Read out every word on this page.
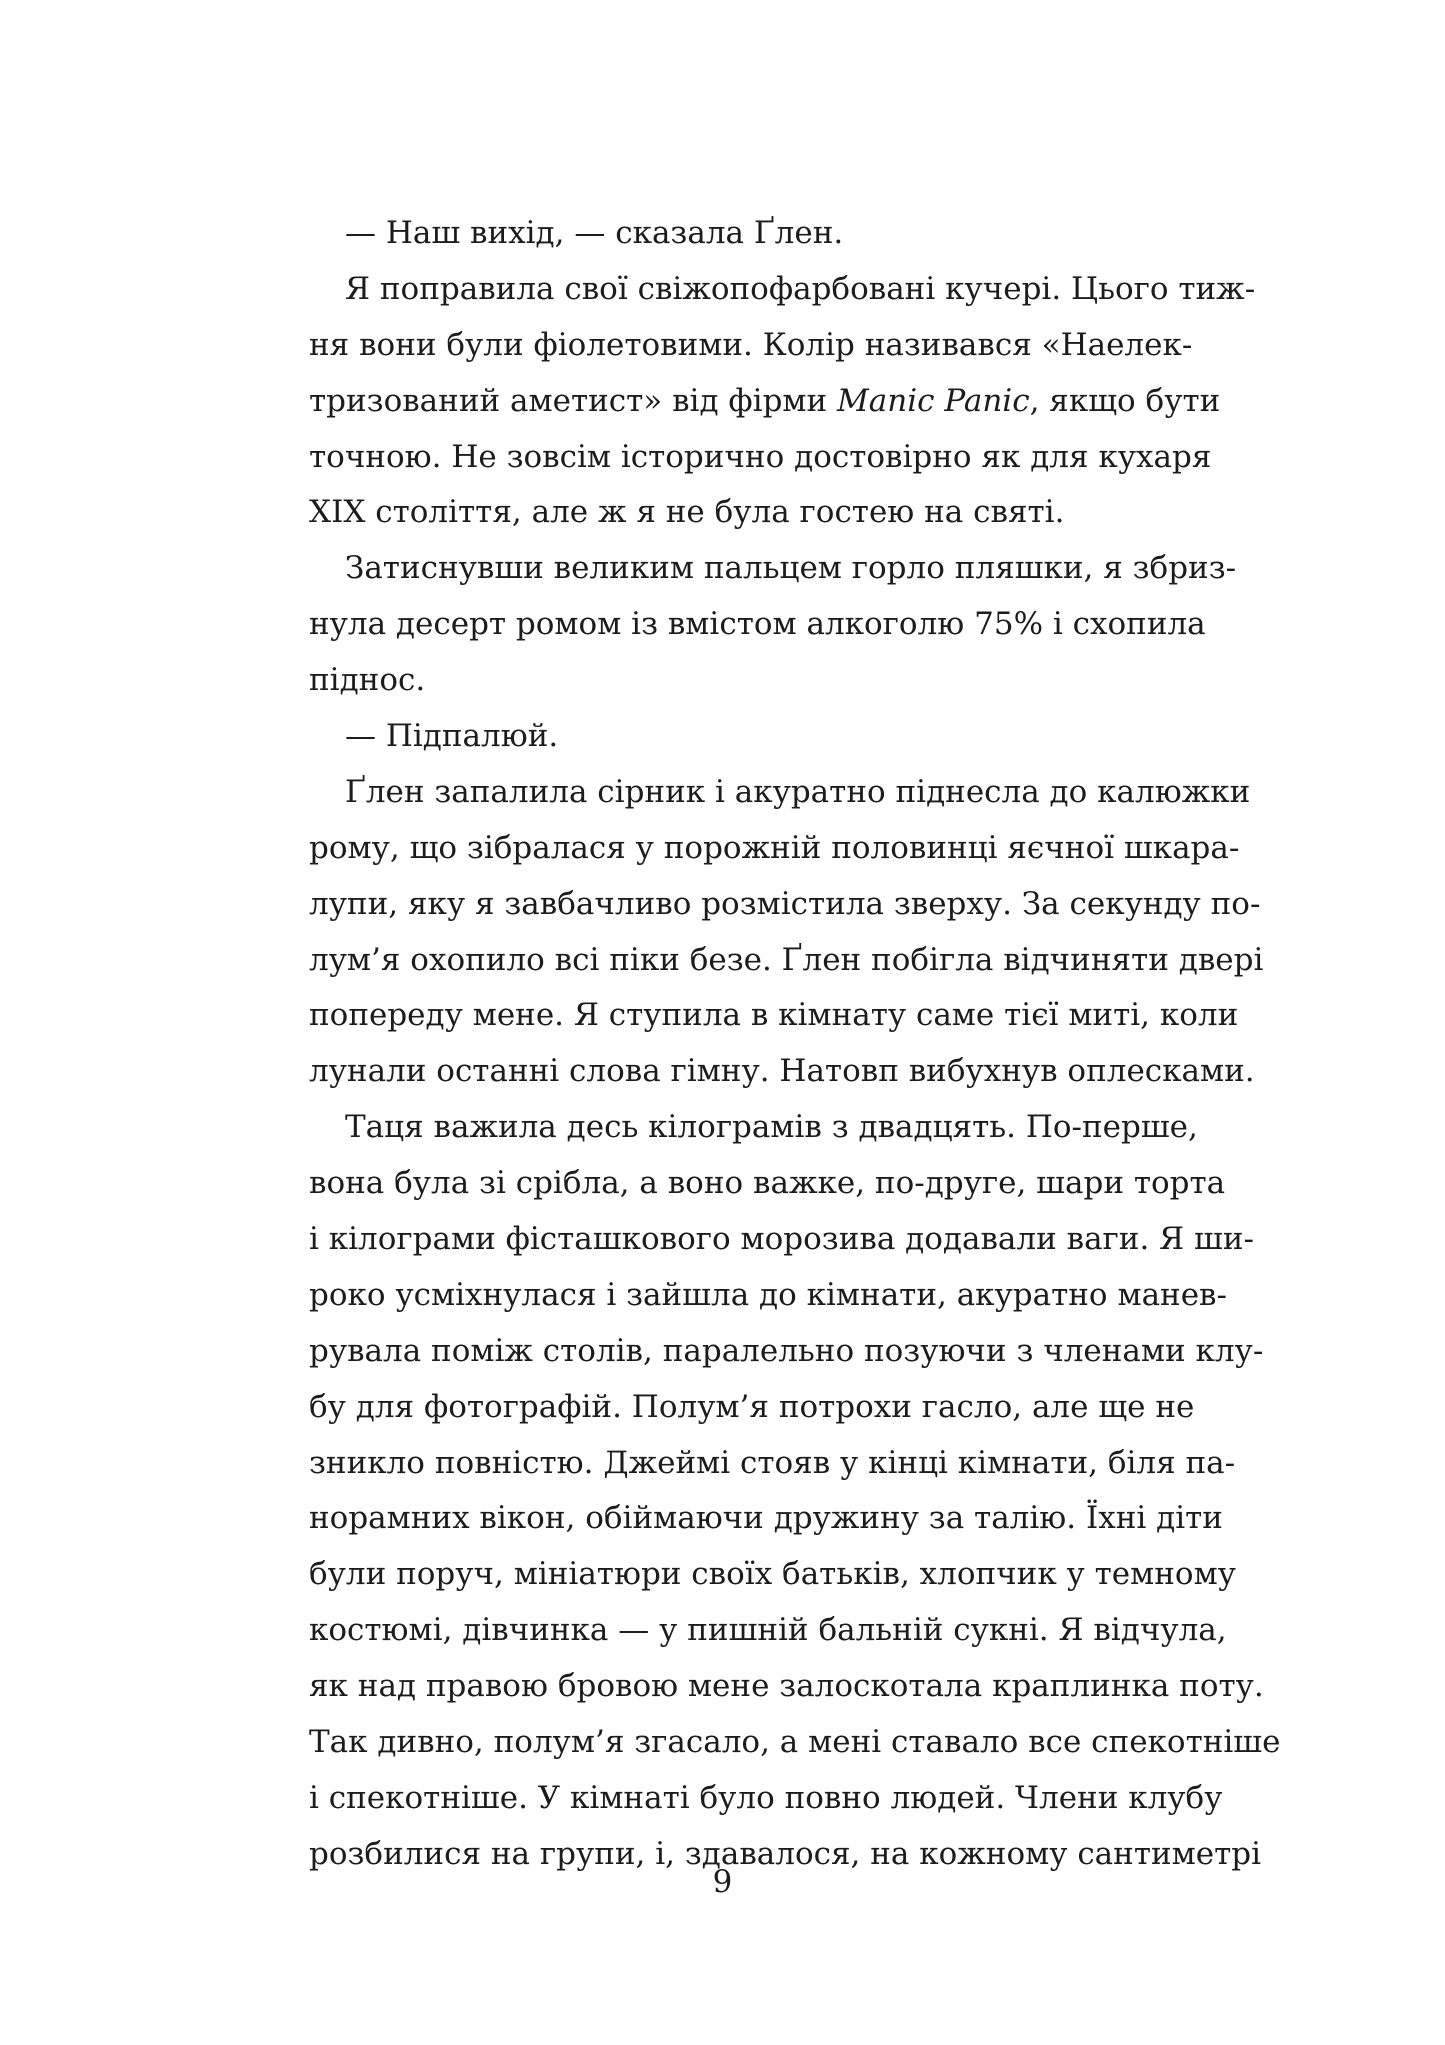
— Наш вихід, — сказала Ґлен.
Я поправила свої свіжопофарбовані кучері. Цього тиж-
ня вони були фіолетовими. Колір називався «Наелек-
тризований аметист» від фірми Manic Panic, якщо бути
точною. Не зовсім історично достовірно як для кухаря
XIX століття, але ж я не була гостею на святі.
Затиснувши великим пальцем горло пляшки, я збриз-
нула десерт ромом із вмістом алкоголю 75% і схопила
піднос.
— Підпалюй.
Ґлен запалила сірник і акуратно піднесла до калюжки
рому, що зібралася у порожній половинці яєчної шкара-
лупи, яку я завбачливо розмістила зверху. За секунду по-
лум’я охопило всі піки безе. Ґлен побігла відчиняти двері
попереду мене. Я ступила в кімнату саме тієї миті, коли
лунали останні слова гімну. Натовп вибухнув оплесками.
Таця важила десь кілограмів з двадцять. По-перше,
вона була зі срібла, а воно важке, по-друге, шари торта
і кілограми фісташкового морозива додавали ваги. Я ши-
роко усміхнулася і зайшла до кімнати, акуратно манев-
рувала поміж столів, паралельно позуючи з членами клу-
бу для фотографій. Полум’я потрохи гасло, але ще не
зникло повністю. Джеймі стояв у кінці кімнати, біля па-
норамних вікон, обіймаючи дружину за талію. Їхні діти
були поруч, мініатюри своїх батьків, хлопчик у темному
костюмі, дівчинка — у пишній бальній сукні. Я відчула,
як над правою бровою мене залоскотала краплинка поту.
Так дивно, полум’я згасало, а мені ставало все спекотніше
і спекотніше. У кімнаті було повно людей. Члени клубу
розбилися на групи, і, здавалося, на кожному сантиметрі
9
